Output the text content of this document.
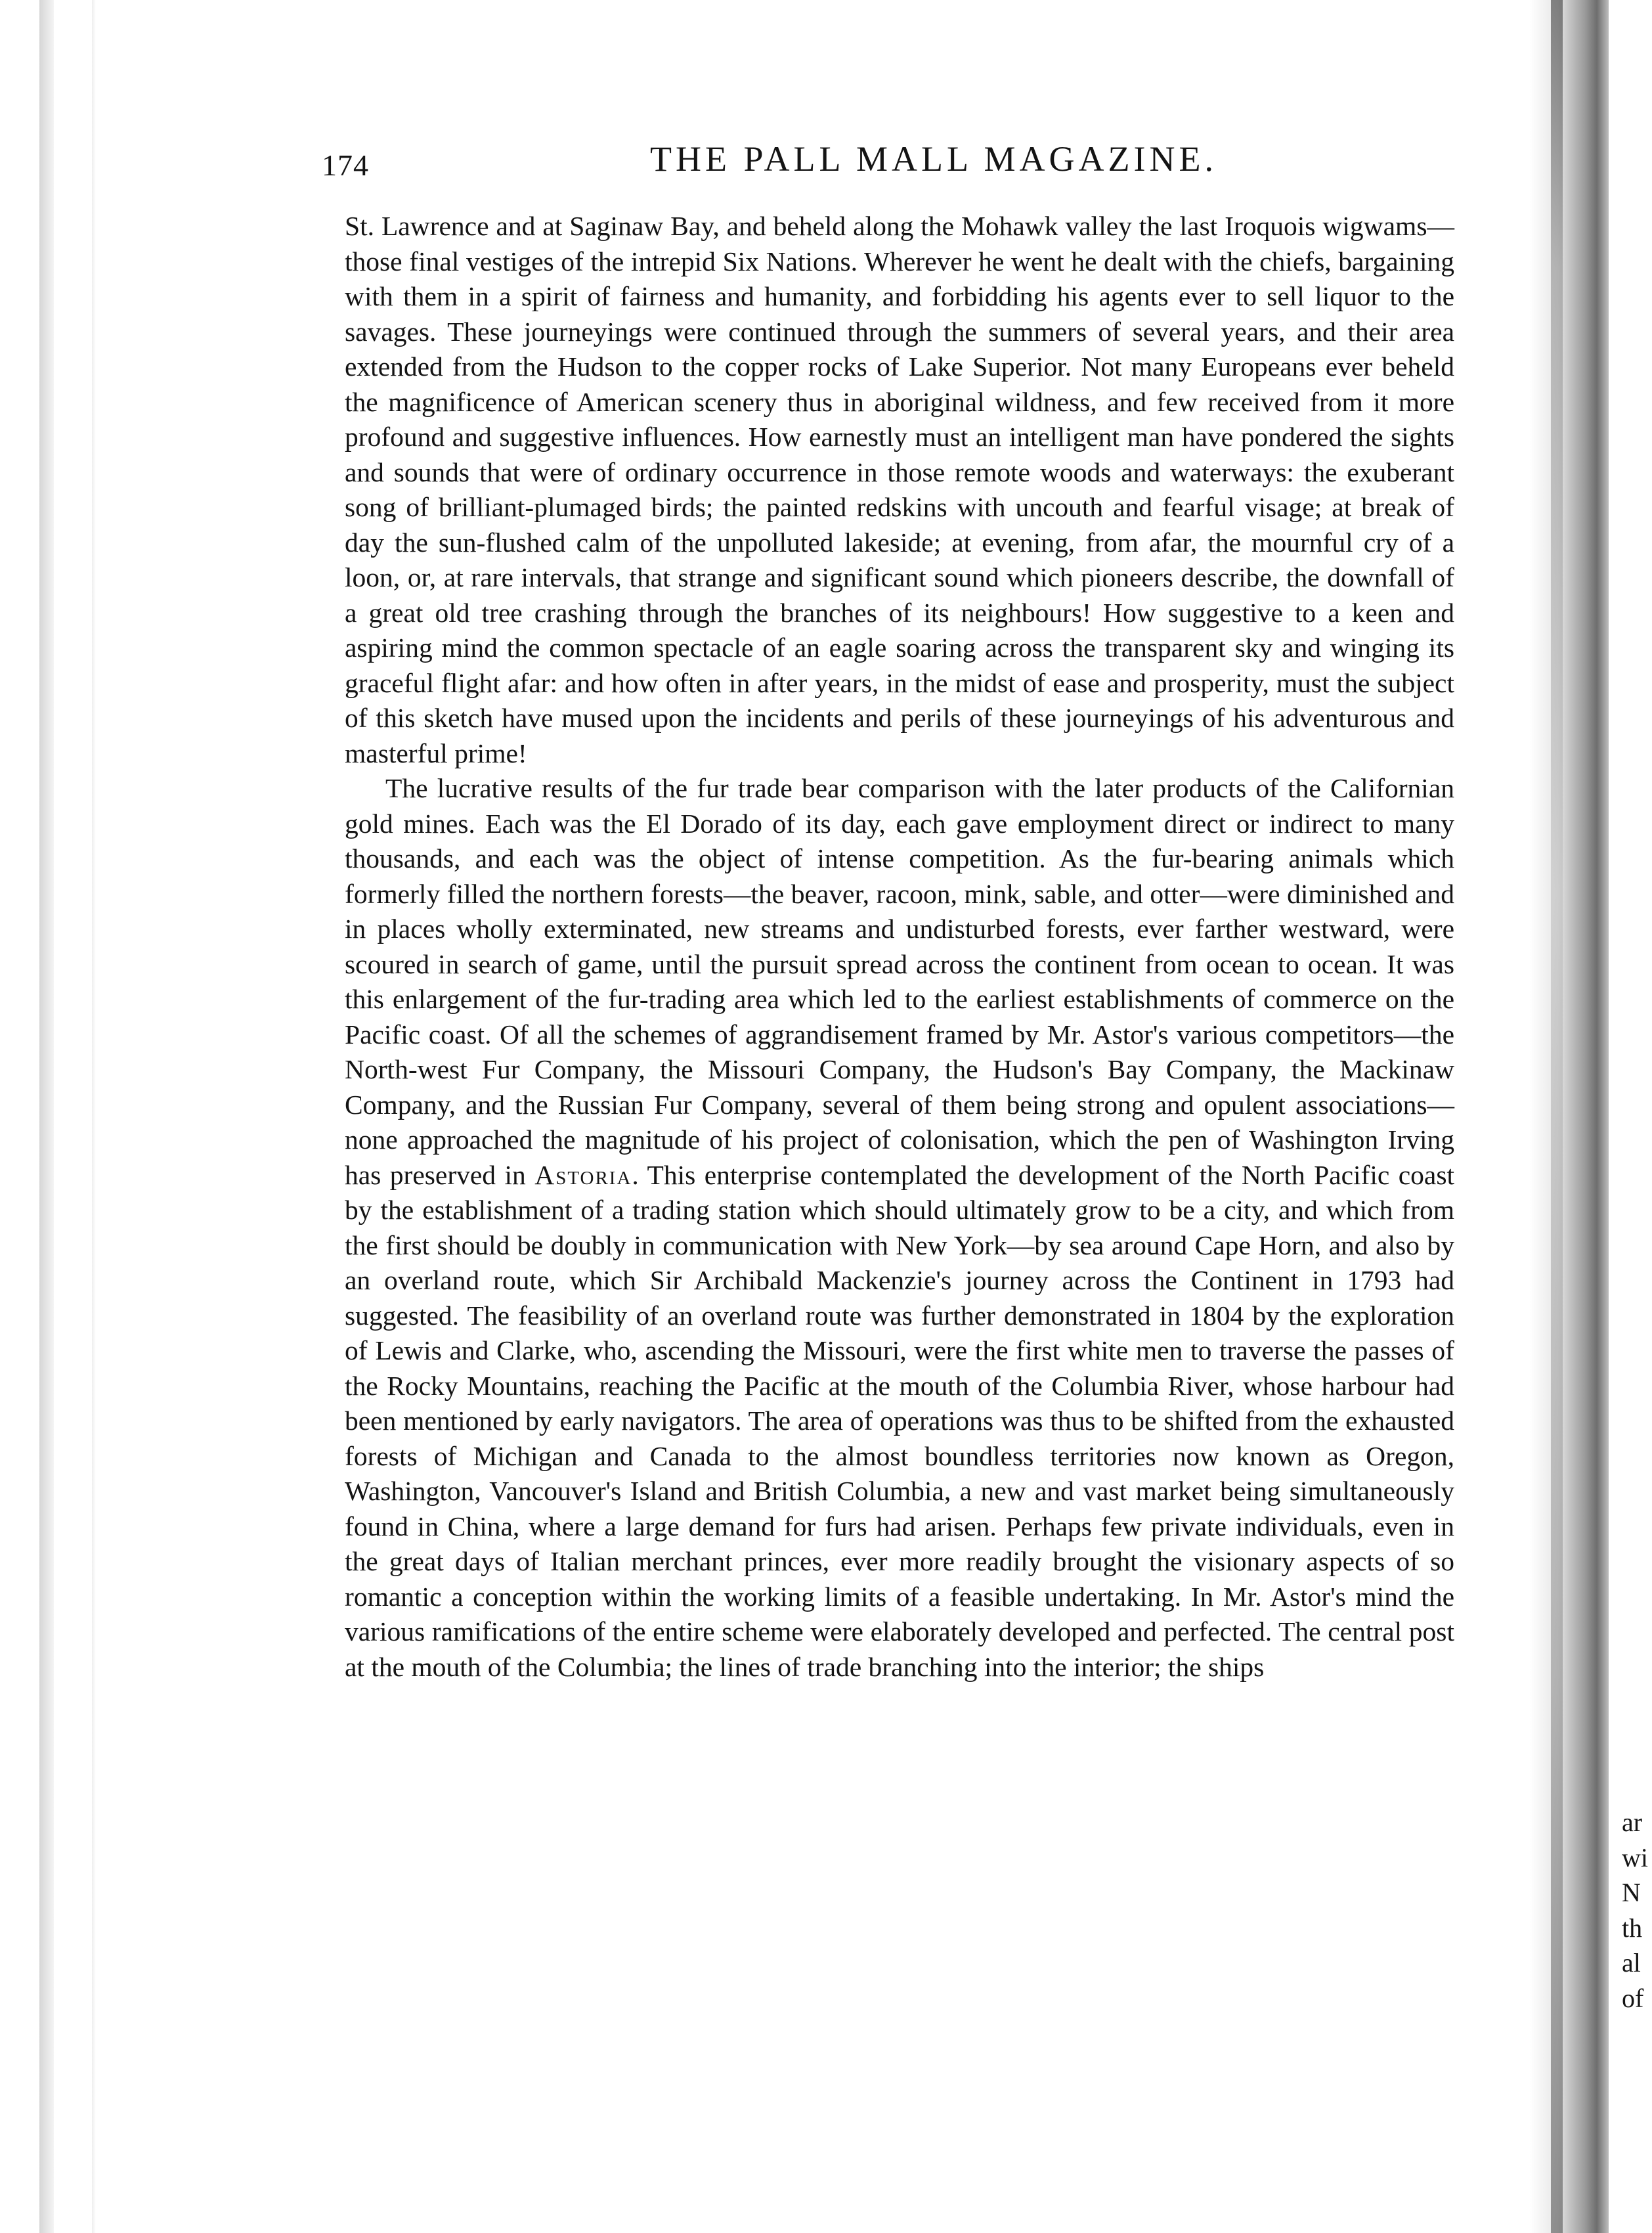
174	THE PALL MALL MAGAZINE.

St. Lawrence and at Saginaw Bay, and beheld along the Mohawk valley the last Iroquois wigwams—those final vestiges of the intrepid Six Nations. Wherever he went he dealt with the chiefs, bargaining with them in a spirit of fairness and humanity, and forbidding his agents ever to sell liquor to the savages. These journeyings were continued through the summers of several years, and their area extended from the Hudson to the copper rocks of Lake Superior. Not many Europeans ever beheld the magnificence of American scenery thus in aboriginal wildness, and few received from it more profound and suggestive influences. How earnestly must an intelligent man have pondered the sights and sounds that were of ordinary occurrence in those remote woods and waterways: the exuberant song of brilliant-plumaged birds; the painted redskins with uncouth and fearful visage; at break of day the sun-flushed calm of the unpolluted lakeside; at evening, from afar, the mournful cry of a loon, or, at rare intervals, that strange and significant sound which pioneers describe, the downfall of a great old tree crashing through the branches of its neighbours! How suggestive to a keen and aspiring mind the common spectacle of an eagle soaring across the transparent sky and winging its graceful flight afar: and how often in after years, in the midst of ease and prosperity, must the subject of this sketch have mused upon the incidents and perils of these journeyings of his adventurous and masterful prime!

The lucrative results of the fur trade bear comparison with the later products of the Californian gold mines. Each was the El Dorado of its day, each gave employment direct or indirect to many thousands, and each was the object of intense competition. As the fur-bearing animals which formerly filled the northern forests—the beaver, racoon, mink, sable, and otter—were diminished and in places wholly exterminated, new streams and undisturbed forests, ever farther westward, were scoured in search of game, until the pursuit spread across the continent from ocean to ocean. It was this enlargement of the fur-trading area which led to the earliest establishments of commerce on the Pacific coast. Of all the schemes of aggrandisement framed by Mr. Astor's various competitors—the North-west Fur Company, the Missouri Company, the Hudson's Bay Company, the Mackinaw Company, and the Russian Fur Company, several of them being strong and opulent associations—none approached the magnitude of his project of colonisation, which the pen of Washington Irving has preserved in Astoria. This enterprise contemplated the development of the North Pacific coast by the establishment of a trading station which should ultimately grow to be a city, and which from the first should be doubly in communication with New York—by sea around Cape Horn, and also by an overland route, which Sir Archibald Mackenzie's journey across the Continent in 1793 had suggested. The feasibility of an overland route was further demonstrated in 1804 by the exploration of Lewis and Clarke, who, ascending the Missouri, were the first white men to traverse the passes of the Rocky Mountains, reaching the Pacific at the mouth of the Columbia River, whose harbour had been mentioned by early navigators. The area of operations was thus to be shifted from the exhausted forests of Michigan and Canada to the almost boundless territories now known as Oregon, Washington, Vancouver's Island and British Columbia, a new and vast market being simultaneously found in China, where a large demand for furs had arisen. Perhaps few private individuals, even in the great days of Italian merchant princes, ever more readily brought the visionary aspects of so romantic a conception within the working limits of a feasible undertaking. In Mr. Astor's mind the various ramifications of the entire scheme were elaborately developed and perfected. The central post at the mouth of the Columbia; the lines of trade branching into the interior; the ships

ar
wi
N
th
al
of
